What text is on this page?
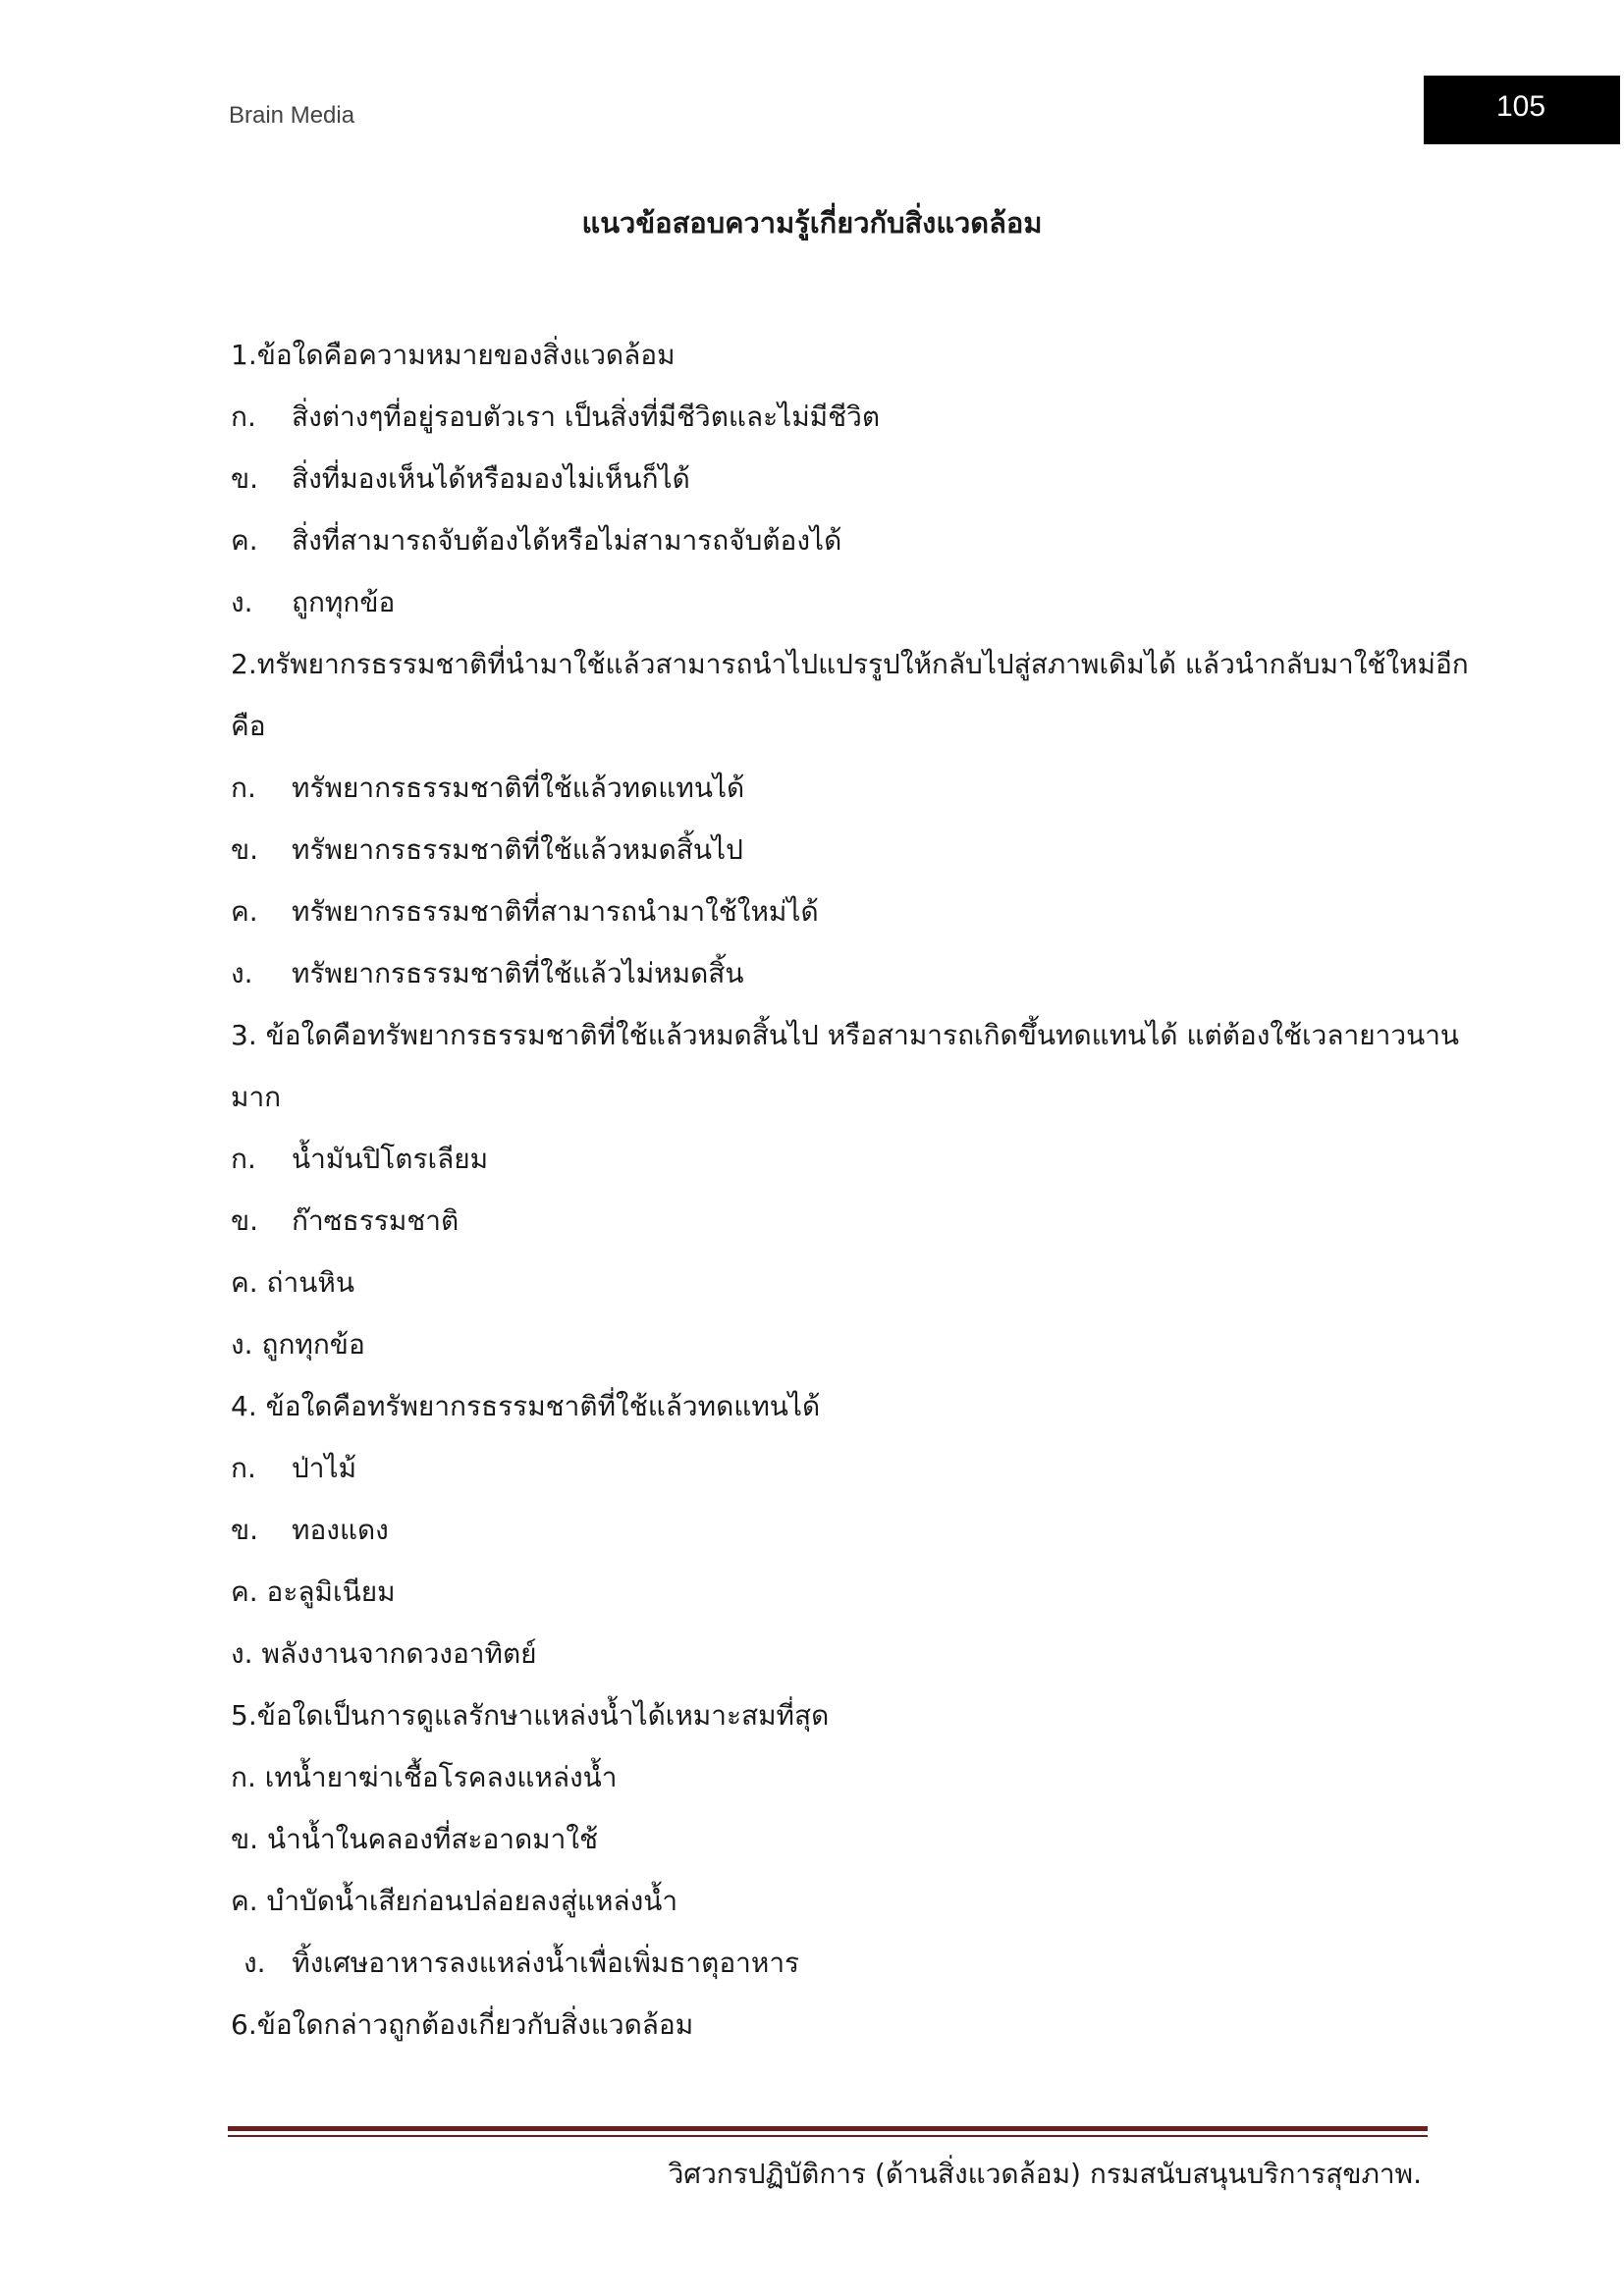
Brain Media	105
แนวข้อสอบความรู้เกี่ยวกับสิ่งแวดล้อม
1.ข้อใดคือความหมายของสิ่งแวดล้อม
ก. สิ่งต่างๆที่อยู่รอบตัวเรา เป็นสิ่งที่มีชีวิตและไม่มีชีวิต
ข. สิ่งที่มองเห็นได้หรือมองไม่เห็นก็ได้
ค. สิ่งที่สามารถจับต้องได้หรือไม่สามารถจับต้องได้
ง. ถูกทุกข้อ
2.ทรัพยากรธรรมชาติที่นำมาใช้แล้วสามารถนำไปแปรรูปให้กลับไปสู่สภาพเดิมได้ แล้วนำกลับมาใช้ใหม่อีก
คือ
ก. ทรัพยากรธรรมชาติที่ใช้แล้วทดแทนได้
ข. ทรัพยากรธรรมชาติที่ใช้แล้วหมดสิ้นไป
ค. ทรัพยากรธรรมชาติที่สามารถนำมาใช้ใหม่ได้
ง. ทรัพยากรธรรมชาติที่ใช้แล้วไม่หมดสิ้น
3. ข้อใดคือทรัพยากรธรรมชาติที่ใช้แล้วหมดสิ้นไป หรือสามารถเกิดขึ้นทดแทนได้ แต่ต้องใช้เวลายาวนาน
มาก
ก. น้ำมันปิโตรเลียม
ข. ก๊าซธรรมชาติ
ค. ถ่านหิน
ง. ถูกทุกข้อ
4. ข้อใดคือทรัพยากรธรรมชาติที่ใช้แล้วทดแทนได้
ก. ป่าไม้
ข. ทองแดง
ค. อะลูมิเนียม
ง. พลังงานจากดวงอาทิตย์
5.ข้อใดเป็นการดูแลรักษาแหล่งน้ำได้เหมาะสมที่สุด
ก. เทน้ำยาฆ่าเชื้อโรคลงแหล่งน้ำ
ข. นำน้ำในคลองที่สะอาดมาใช้
ค. บำบัดน้ำเสียก่อนปล่อยลงสู่แหล่งน้ำ
ง. ทิ้งเศษอาหารลงแหล่งน้ำเพื่อเพิ่มธาตุอาหาร
6.ข้อใดกล่าวถูกต้องเกี่ยวกับสิ่งแวดล้อม
วิศวกรปฏิบัติการ (ด้านสิ่งแวดล้อม) กรมสนับสนุนบริการสุขภาพ.
